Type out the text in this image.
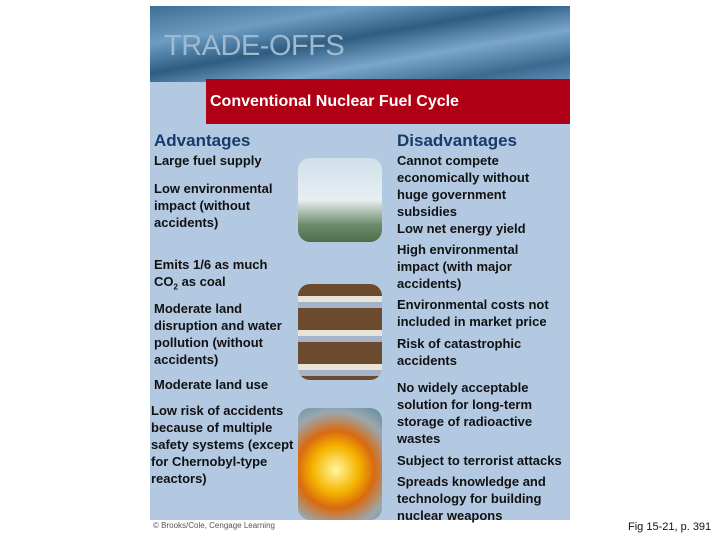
TRADE-OFFS
Conventional Nuclear Fuel Cycle
Advantages	Disadvantages
Large fuel supply
Low environmental impact (without accidents)
Emits 1/6 as much $CO_2$ as coal
Moderate land disruption and water pollution (without accidents)
Moderate land use
Low risk of accidents because of multiple safety systems (except for Chernobyl-type reactors)
Cannot compete economically without huge government subsidies
Low net energy yield
High environmental impact (with major accidents)
Environmental costs not included in market price
Risk of catastrophic accidents
No widely acceptable solution for long-term storage of radioactive wastes
Subject to terrorist attacks
Spreads knowledge and technology for building nuclear weapons
© Brooks/Cole, Cengage Learning	Fig 15-21, p. 391
